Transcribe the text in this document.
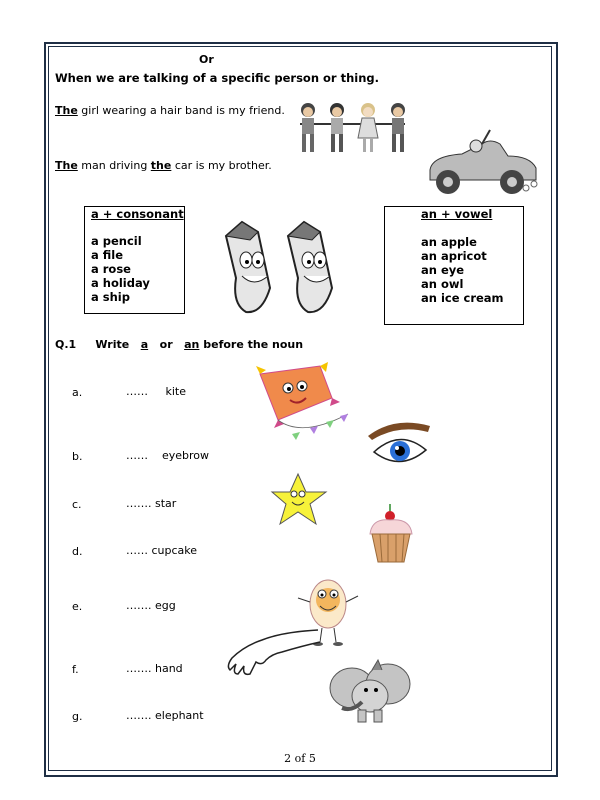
Or
When we are talking of a specific person or thing.
The girl wearing a hair band is my friend.
The man driving the car is my brother.
a + consonant
a pencil
a file
a rose
a holiday
a ship
an + vowel
an apple
an apricot
an eye
an owl
an ice cream
Q.1 Write a or an before the noun
a.	……     kite
b.	……    eyebrow
c.	……. star
d.	…… cupcake
e.	……. egg
f.	……. hand
g.	……. elephant
2 of 5
